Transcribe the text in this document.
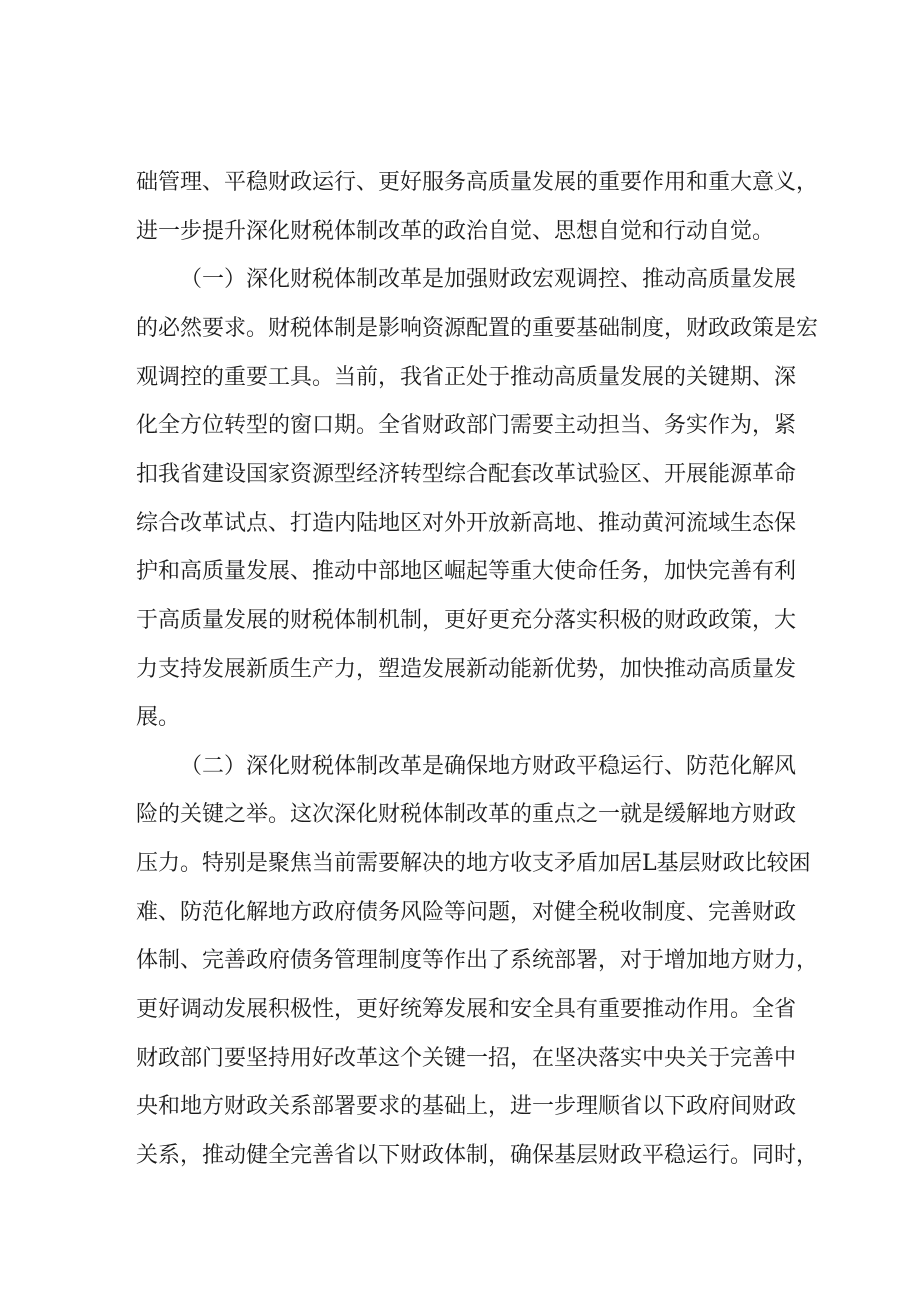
础管理、平稳财政运行、更好服务高质量发展的重要作用和重大意义，
进一步提升深化财税体制改革的政治自觉、思想自觉和行动自觉。
（一）深化财税体制改革是加强财政宏观调控、推动高质量发展
的必然要求。财税体制是影响资源配置的重要基础制度，财政政策是宏
观调控的重要工具。当前，我省正处于推动高质量发展的关键期、深
化全方位转型的窗口期。全省财政部门需要主动担当、务实作为，紧
扣我省建设国家资源型经济转型综合配套改革试验区、开展能源革命
综合改革试点、打造内陆地区对外开放新高地、推动黄河流域生态保
护和高质量发展、推动中部地区崛起等重大使命任务，加快完善有利
于高质量发展的财税体制机制，更好更充分落实积极的财政政策，大
力支持发展新质生产力，塑造发展新动能新优势，加快推动高质量发
展。
（二）深化财税体制改革是确保地方财政平稳运行、防范化解风
险的关键之举。这次深化财税体制改革的重点之一就是缓解地方财政
压力。特别是聚焦当前需要解决的地方收支矛盾加居L基层财政比较困
难、防范化解地方政府债务风险等问题，对健全税收制度、完善财政
体制、完善政府债务管理制度等作出了系统部署，对于增加地方财力，
更好调动发展积极性，更好统筹发展和安全具有重要推动作用。全省
财政部门要坚持用好改革这个关键一招，在坚决落实中央关于完善中
央和地方财政关系部署要求的基础上，进一步理顺省以下政府间财政
关系，推动健全完善省以下财政体制，确保基层财政平稳运行。同时，
